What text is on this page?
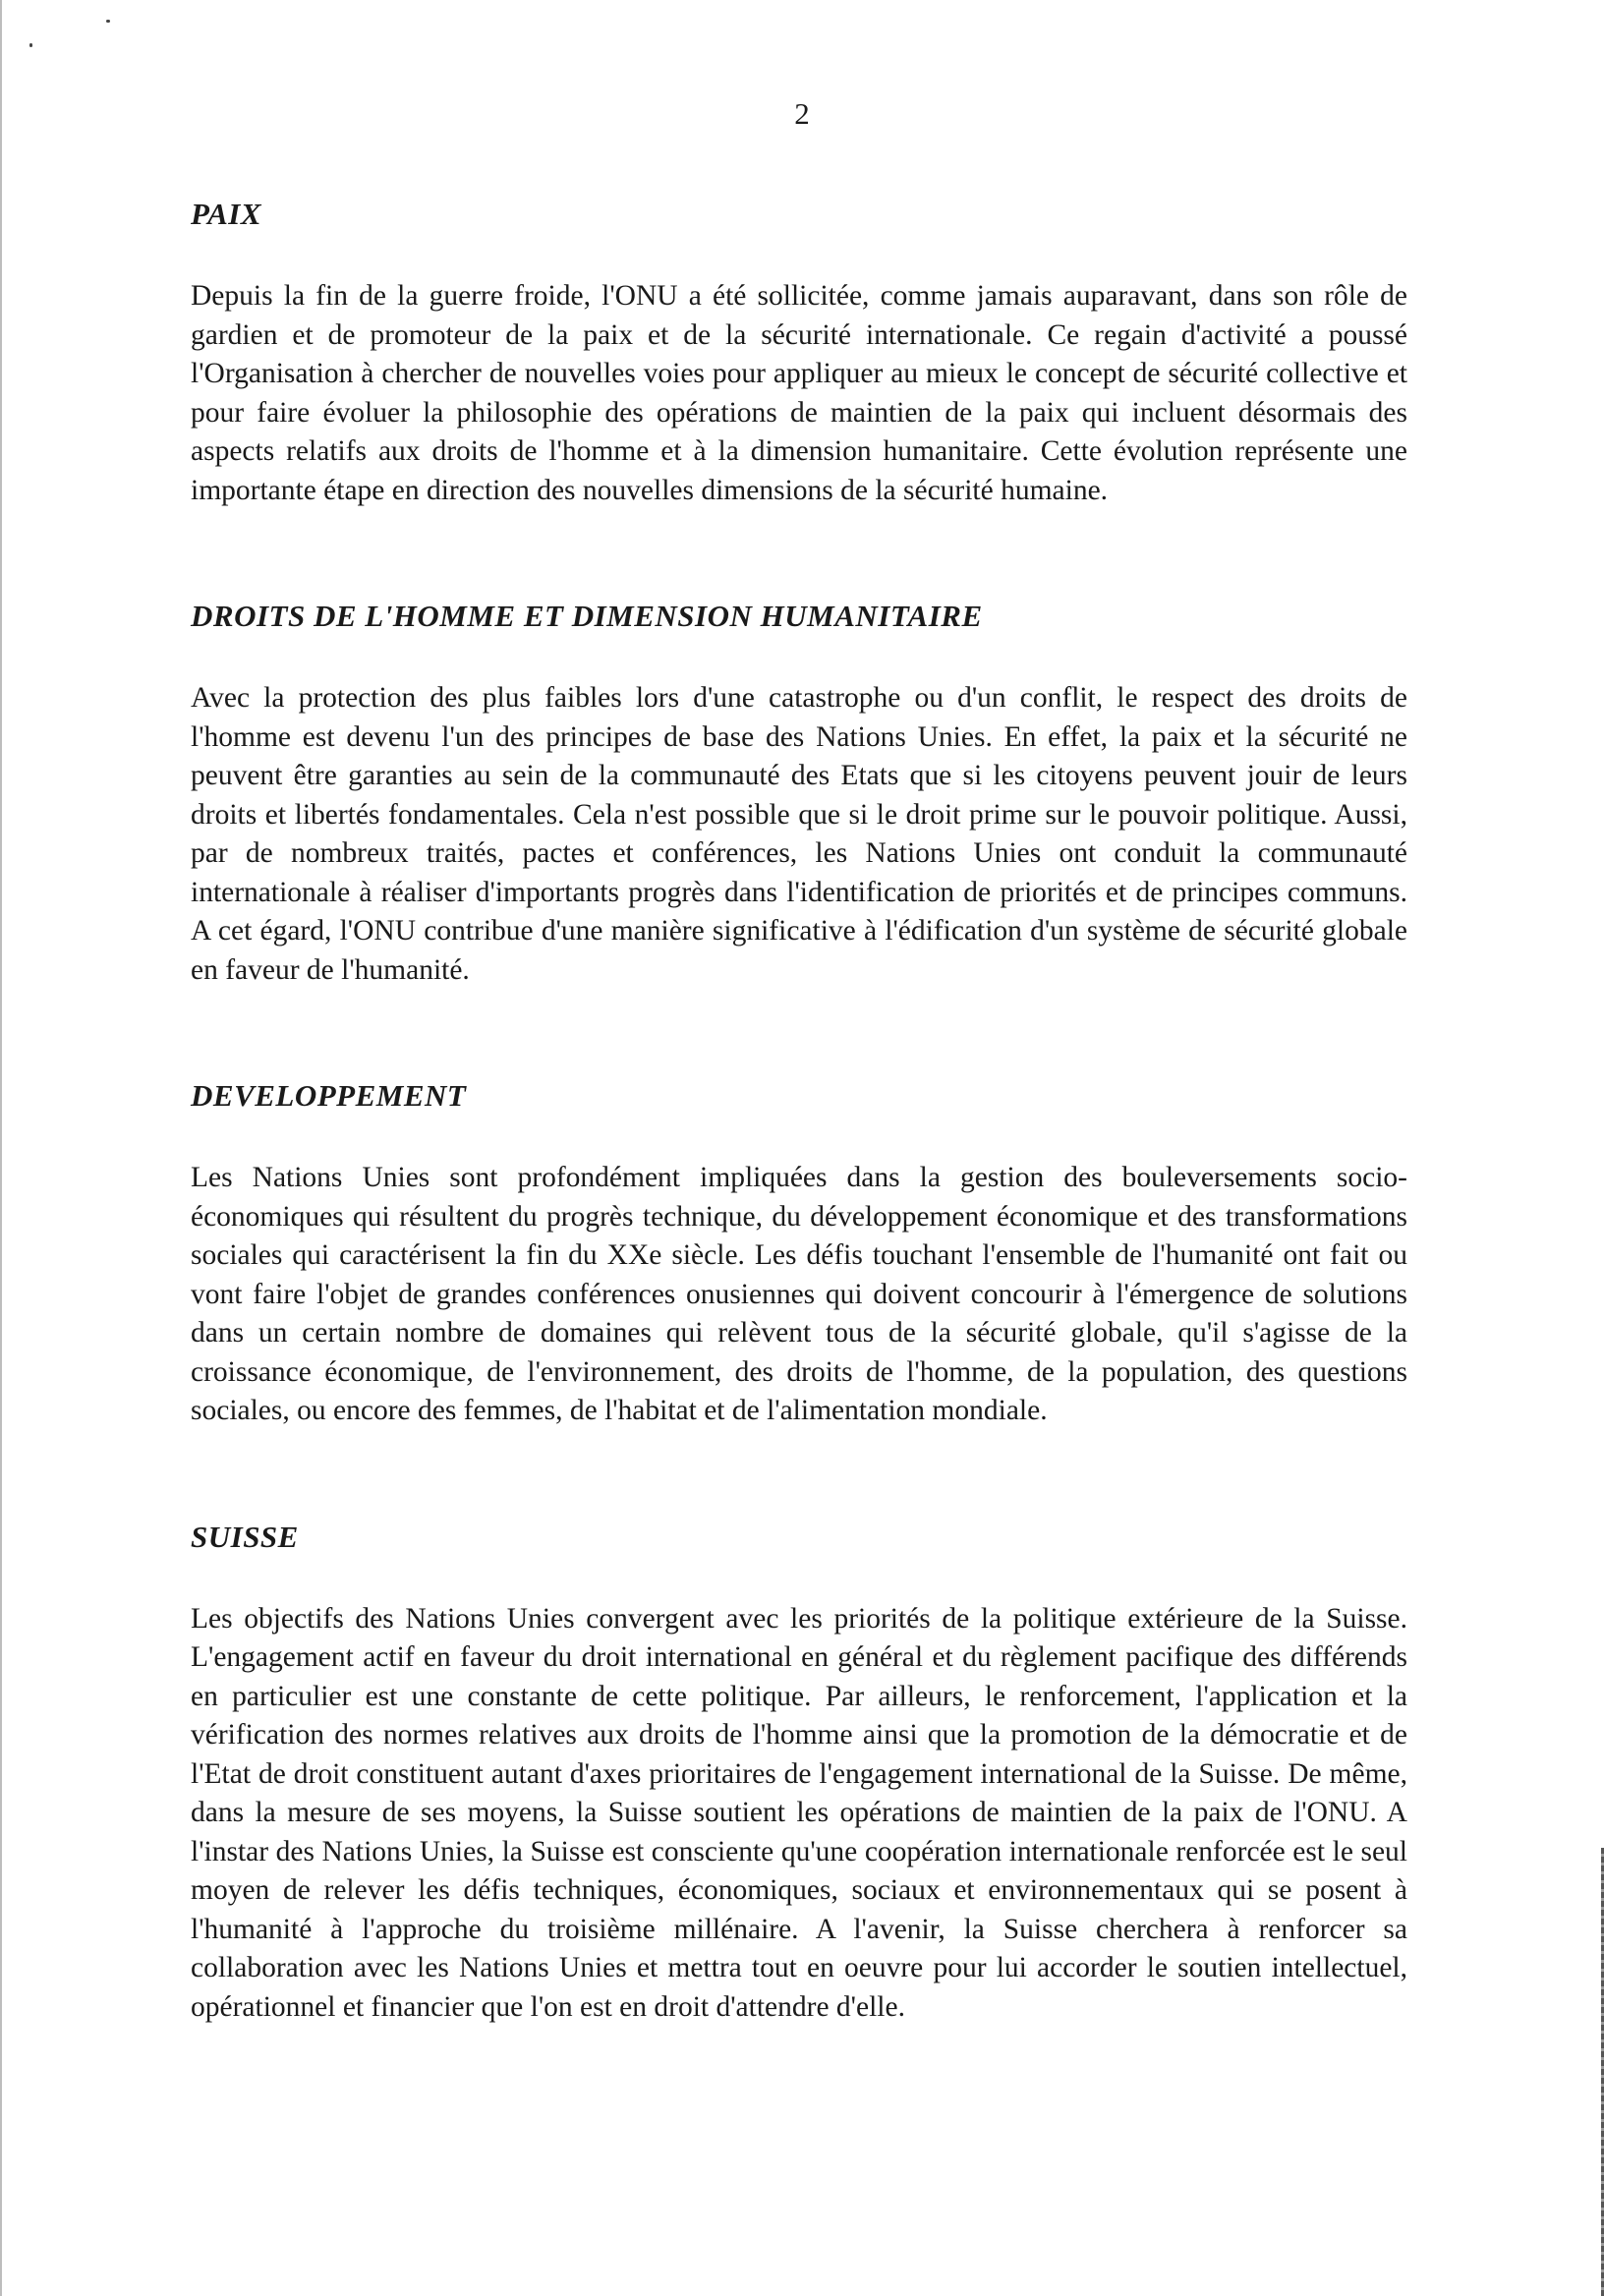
2
PAIX

Depuis la fin de la guerre froide, l'ONU a été sollicitée, comme jamais auparavant, dans son rôle de gardien et de promoteur de la paix et de la sécurité internationale. Ce regain d'activité a poussé l'Organisation à chercher de nouvelles voies pour appliquer au mieux le concept de sécurité collective et pour faire évoluer la philosophie des opérations de maintien de la paix qui incluent désormais des aspects relatifs aux droits de l'homme et à la dimension humanitaire. Cette évolution représente une importante étape en direction des nouvelles dimensions de la sécurité humaine.

DROITS DE L'HOMME ET DIMENSION HUMANITAIRE

Avec la protection des plus faibles lors d'une catastrophe ou d'un conflit, le respect des droits de l'homme est devenu l'un des principes de base des Nations Unies. En effet, la paix et la sécurité ne peuvent être garanties au sein de la communauté des Etats que si les citoyens peuvent jouir de leurs droits et libertés fondamentales. Cela n'est possible que si le droit prime sur le pouvoir politique. Aussi, par de nombreux traités, pactes et conférences, les Nations Unies ont conduit la communauté internationale à réaliser d'importants progrès dans l'identification de priorités et de principes communs. A cet égard, l'ONU contribue d'une manière significative à l'édification d'un système de sécurité globale en faveur de l'humanité.

DEVELOPPEMENT

Les Nations Unies sont profondément impliquées dans la gestion des bouleversements socio-économiques qui résultent du progrès technique, du développement économique et des transformations sociales qui caractérisent la fin du XXe siècle. Les défis touchant l'ensemble de l'humanité ont fait ou vont faire l'objet de grandes conférences onusiennes qui doivent concourir à l'émergence de solutions dans un certain nombre de domaines qui relèvent tous de la sécurité globale, qu'il s'agisse de la croissance économique, de l'environnement, des droits de l'homme, de la population, des questions sociales, ou encore des femmes, de l'habitat et de l'alimentation mondiale.

SUISSE

Les objectifs des Nations Unies convergent avec les priorités de la politique extérieure de la Suisse. L'engagement actif en faveur du droit international en général et du règlement pacifique des différends en particulier est une constante de cette politique. Par ailleurs, le renforcement, l'application et la vérification des normes relatives aux droits de l'homme ainsi que la promotion de la démocratie et de l'Etat de droit constituent autant d'axes prioritaires de l'engagement international de la Suisse. De même, dans la mesure de ses moyens, la Suisse soutient les opérations de maintien de la paix de l'ONU. A l'instar des Nations Unies, la Suisse est consciente qu'une coopération internationale renforcée est le seul moyen de relever les défis techniques, économiques, sociaux et environnementaux qui se posent à l'humanité à l'approche du troisième millénaire. A l'avenir, la Suisse cherchera à renforcer sa collaboration avec les Nations Unies et mettra tout en oeuvre pour lui accorder le soutien intellectuel, opérationnel et financier que l'on est en droit d'attendre d'elle.
